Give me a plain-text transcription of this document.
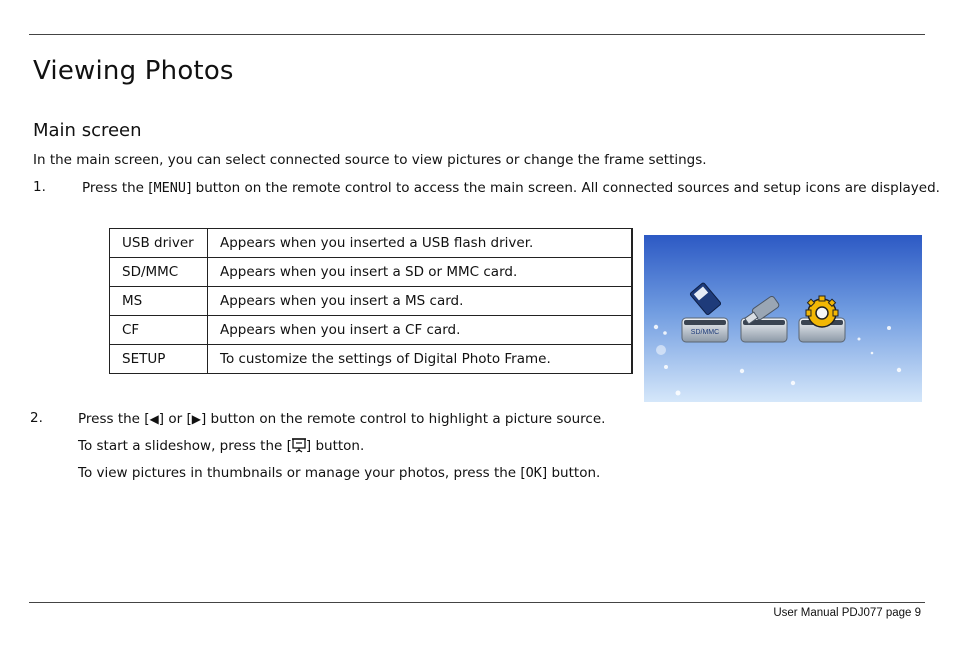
Viewing Photos
Main screen
In the main screen, you can select connected source to view pictures or change the frame settings.
1.	Press the [MENU] button on the remote control to access the main screen. All connected sources and setup icons are displayed.
USB driver	Appears when you inserted a USB flash driver.
SD/MMC	Appears when you insert a SD or MMC card.
MS	Appears when you insert a MS card.
CF	Appears when you insert a CF card.
SETUP	To customize the settings of Digital Photo Frame.
SD/MMC
2.	Press the [◀] or [▶] button on the remote control to highlight a picture source.
To start a slideshow, press the [ ] button.
To view pictures in thumbnails or manage your photos, press the [OK] button.
User Manual PDJ077 page 9
